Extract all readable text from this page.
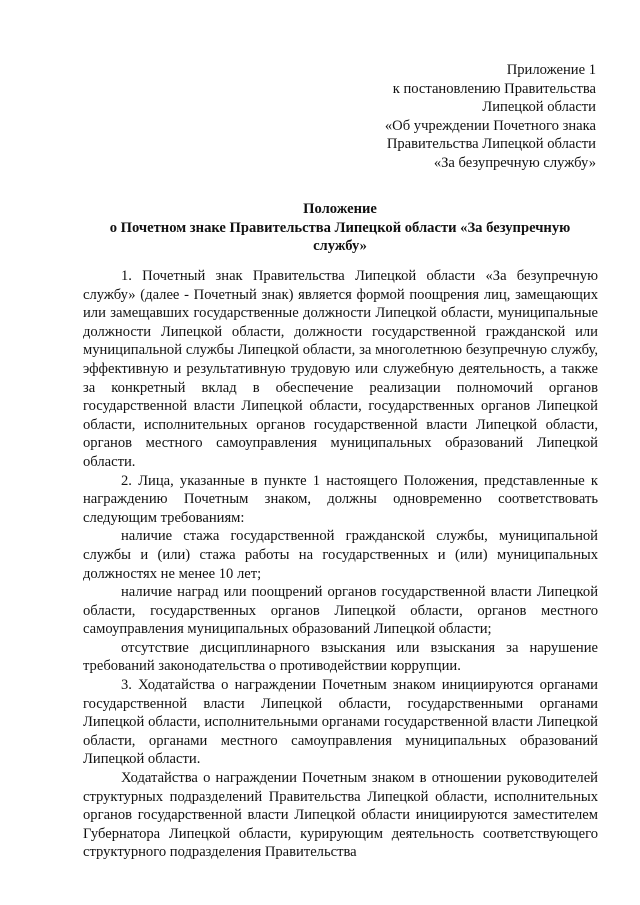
Приложение 1
к постановлению Правительства
Липецкой области
«Об учреждении Почетного знака
Правительства Липецкой области
«За безупречную службу»
Положение
о Почетном знаке Правительства Липецкой области «За безупречную
службу»

1. Почетный знак Правительства Липецкой области «За безупречную службу» (далее - Почетный знак) является формой поощрения лиц, замещающих или замещавших государственные должности Липецкой области, муниципальные должности Липецкой области, должности государственной гражданской или муниципальной службы Липецкой области, за многолетнюю безупречную службу, эффективную и результативную трудовую или служебную деятельность, а также за конкретный вклад в обеспечение реализации полномочий органов государственной власти Липецкой области, государственных органов Липецкой области, исполнительных органов государственной власти Липецкой области, органов местного самоуправления муниципальных образований Липецкой области.

2. Лица, указанные в пункте 1 настоящего Положения, представленные к награждению Почетным знаком, должны одновременно соответствовать следующим требованиям:

наличие стажа государственной гражданской службы, муниципальной службы и (или) стажа работы на государственных и (или) муниципальных должностях не менее 10 лет;

наличие наград или поощрений органов государственной власти Липецкой области, государственных органов Липецкой области, органов местного самоуправления муниципальных образований Липецкой области;

отсутствие дисциплинарного взыскания или взыскания за нарушение требований законодательства о противодействии коррупции.

3. Ходатайства о награждении Почетным знаком инициируются органами государственной власти Липецкой области, государственными органами Липецкой области, исполнительными органами государственной власти Липецкой области, органами местного самоуправления муниципальных образований Липецкой области.

Ходатайства о награждении Почетным знаком в отношении руководителей структурных подразделений Правительства Липецкой области, исполнительных органов государственной власти Липецкой области инициируются заместителем Губернатора Липецкой области, курирующим деятельность соответствующего структурного подразделения Правительства
